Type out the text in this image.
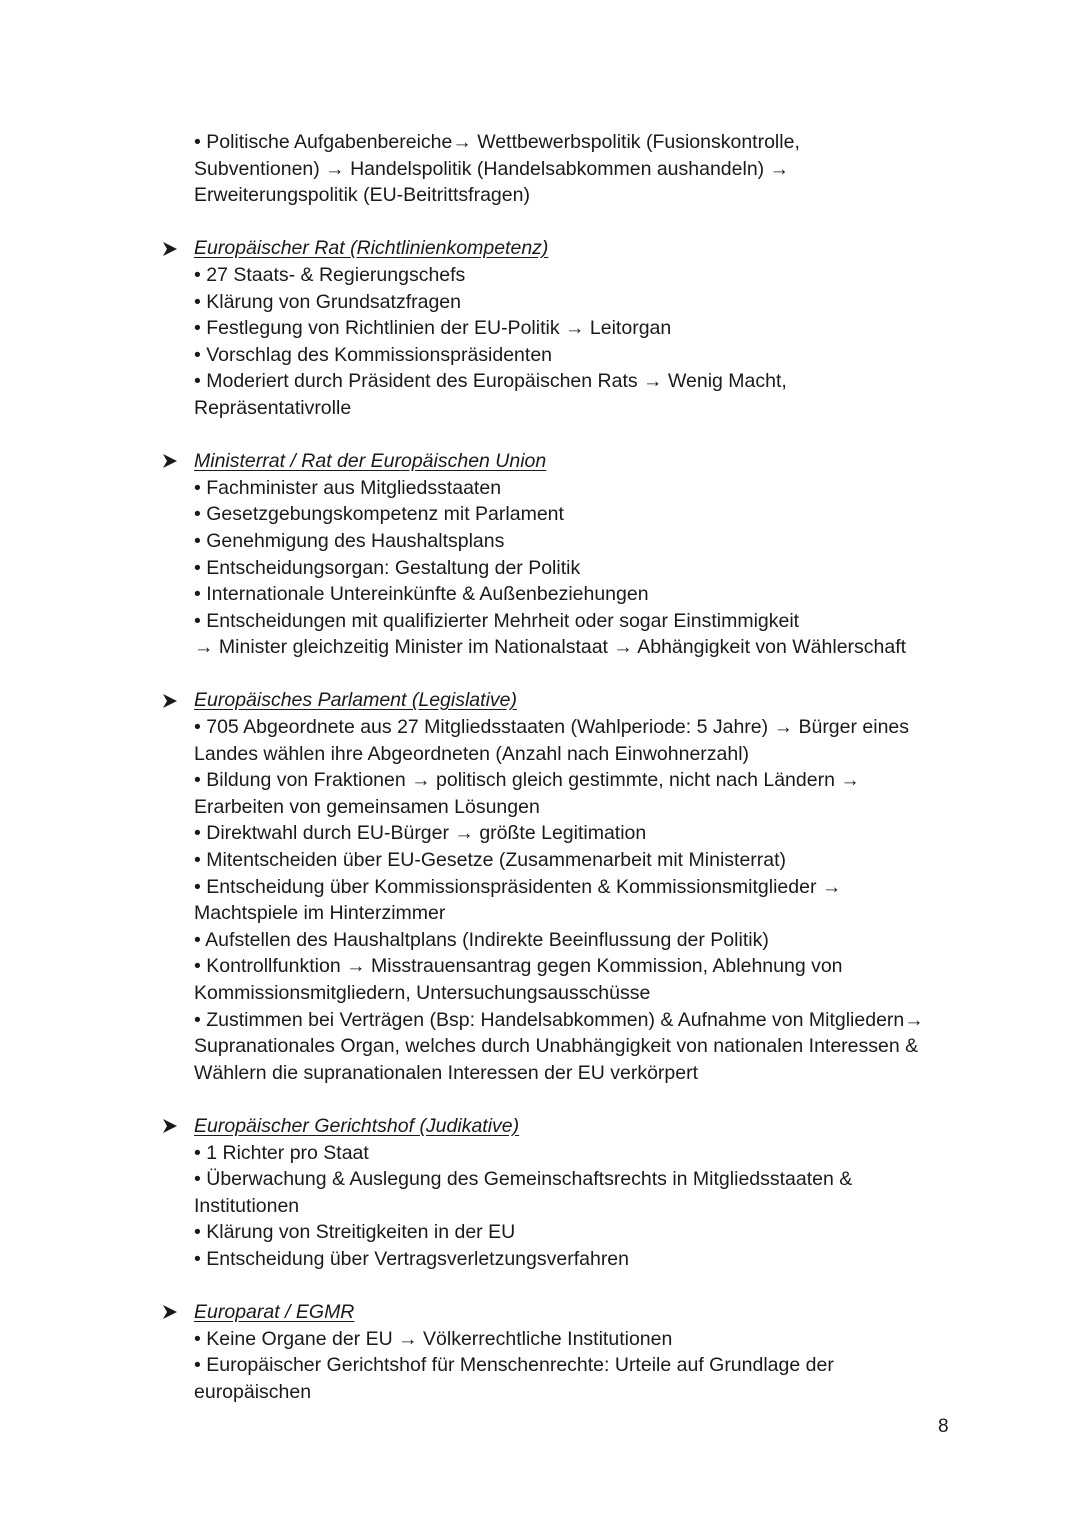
• Politische Aufgabenbereiche→ Wettbewerbspolitik (Fusionskontrolle,
Subventionen) → Handelspolitik (Handelsabkommen aushandeln) →
Erweiterungspolitik (EU-Beitrittsfragen)
Europäischer Rat (Richtlinienkompetenz)
• 27 Staats- & Regierungschefs
• Klärung von Grundsatzfragen
• Festlegung von Richtlinien der EU-Politik → Leitorgan
• Vorschlag des Kommissionspräsidenten
• Moderiert durch Präsident des Europäischen Rats → Wenig Macht,
Repräsentativrolle
Ministerrat / Rat der Europäischen Union
• Fachminister aus Mitgliedsstaaten
• Gesetzgebungskompetenz mit Parlament
• Genehmigung des Haushaltsplans
• Entscheidungsorgan: Gestaltung der Politik
• Internationale Untereinkünfte & Außenbeziehungen
• Entscheidungen mit qualifizierter Mehrheit oder sogar Einstimmigkeit
→ Minister gleichzeitig Minister im Nationalstaat → Abhängigkeit von Wählerschaft
Europäisches Parlament (Legislative)
• 705 Abgeordnete aus 27 Mitgliedsstaaten (Wahlperiode: 5 Jahre) → Bürger eines
Landes wählen ihre Abgeordneten (Anzahl nach Einwohnerzahl)
• Bildung von Fraktionen → politisch gleich gestimmte, nicht nach Ländern →
Erarbeiten von gemeinsamen Lösungen
• Direktwahl durch EU-Bürger → größte Legitimation
• Mitentscheiden über EU-Gesetze (Zusammenarbeit mit Ministerrat)
• Entscheidung über Kommissionspräsidenten & Kommissionsmitglieder →
Machtspiele im Hinterzimmer
• Aufstellen des Haushaltplans (Indirekte Beeinflussung der Politik)
• Kontrollfunktion → Misstrauensantrag gegen Kommission, Ablehnung von
Kommissionsmitgliedern, Untersuchungsausschüsse
• Zustimmen bei Verträgen (Bsp: Handelsabkommen) & Aufnahme von Mitgliedern→
Supranationales Organ, welches durch Unabhängigkeit von nationalen Interessen &
Wählern die supranationalen Interessen der EU verkörpert
Europäischer Gerichtshof (Judikative)
• 1 Richter pro Staat
• Überwachung & Auslegung des Gemeinschaftsrechts in Mitgliedsstaaten &
Institutionen
• Klärung von Streitigkeiten in der EU
• Entscheidung über Vertragsverletzungsverfahren
Europarat / EGMR
• Keine Organe der EU → Völkerrechtliche Institutionen
• Europäischer Gerichtshof für Menschenrechte: Urteile auf Grundlage der
europäischen
8
